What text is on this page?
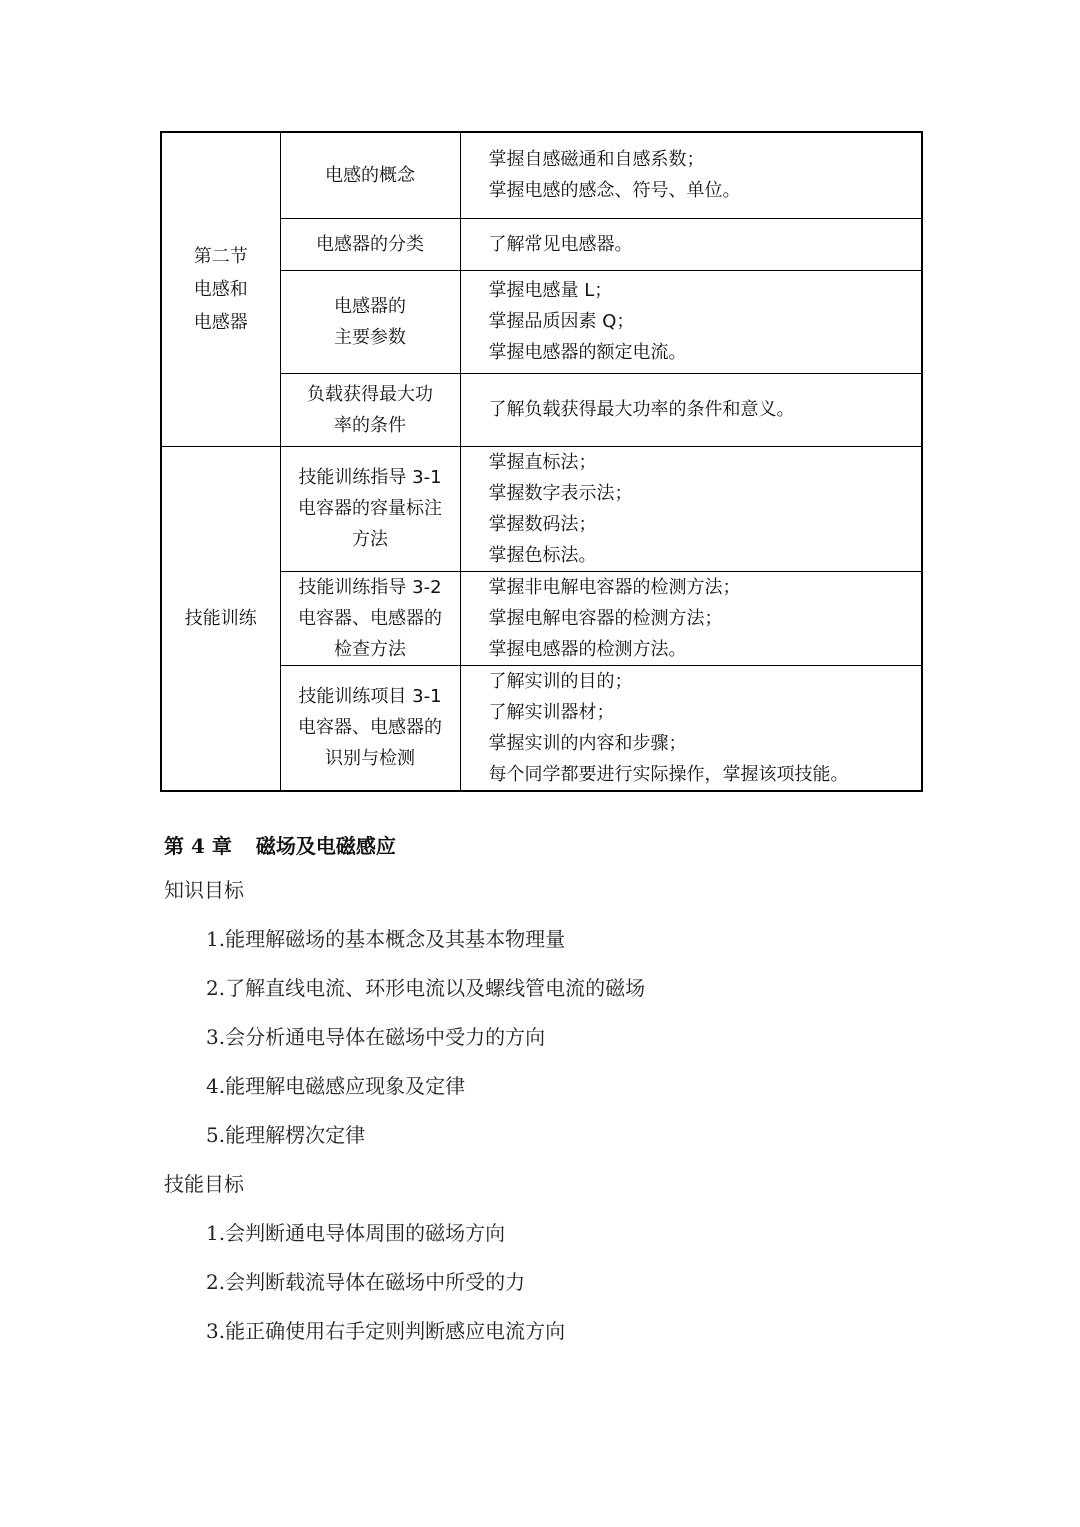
第二节
电感和
电感器	电感的概念	掌握自感磁通和自感系数；
掌握电感的感念、符号、单位。

	电感器的分类	了解常见电感器。

	电感器的
主要参数	掌握电感量 L；
掌握品质因素 Q；
掌握电感器的额定电流。

	负载获得最大功
率的条件	了解负载获得最大功率的条件和意义。

技能训练	技能训练指导 3-1
电容器的容量标注
方法	掌握直标法；
掌握数字表示法；
掌握数码法；
掌握色标法。

	技能训练指导 3-2
电容器、电感器的
检查方法	掌握非电解电容器的检测方法；
掌握电解电容器的检测方法；
掌握电感器的检测方法。

	技能训练项目 3-1
电容器、电感器的
识别与检测	了解实训的目的；
了解实训器材；
掌握实训的内容和步骤；
每个同学都要进行实际操作，掌握该项技能。
第 4 章 磁场及电磁感应

知识目标

1.能理解磁场的基本概念及其基本物理量

2.了解直线电流、环形电流以及螺线管电流的磁场

3.会分析通电导体在磁场中受力的方向

4.能理解电磁感应现象及定律

5.能理解楞次定律

技能目标

1.会判断通电导体周围的磁场方向

2.会判断载流导体在磁场中所受的力

3.能正确使用右手定则判断感应电流方向
